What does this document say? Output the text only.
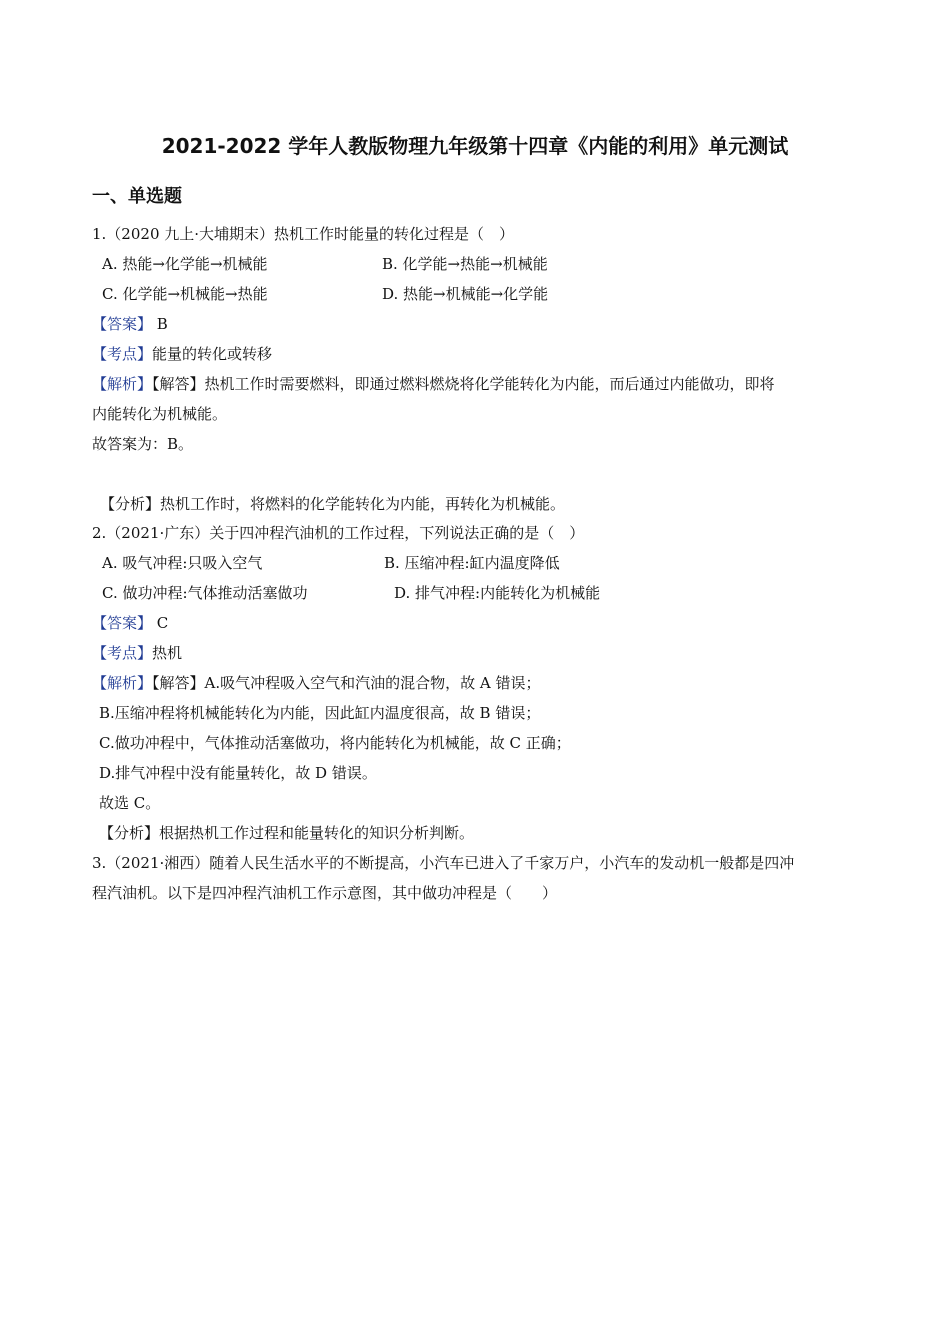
2021-2022 学年人教版物理九年级第十四章《内能的利用》单元测试
一、单选题
1.（2020 九上·大埔期末）热机工作时能量的转化过程是（　）
A. 热能→化学能→机械能	B. 化学能→热能→机械能
C. 化学能→机械能→热能	D. 热能→机械能→化学能
【答案】 B
【考点】能量的转化或转移
【解析】【解答】热机工作时需要燃料，即通过燃料燃烧将化学能转化为内能，而后通过内能做功，即将
内能转化为机械能。
故答案为：B。
【分析】热机工作时，将燃料的化学能转化为内能，再转化为机械能。
2.（2021·广东）关于四冲程汽油机的工作过程，下列说法正确的是（　）
A. 吸气冲程:只吸入空气	B. 压缩冲程:缸内温度降低
C. 做功冲程:气体推动活塞做功	D. 排气冲程:内能转化为机械能
【答案】 C
【考点】热机
【解析】【解答】A.吸气冲程吸入空气和汽油的混合物，故 A 错误；
B.压缩冲程将机械能转化为内能，因此缸内温度很高，故 B 错误；
C.做功冲程中，气体推动活塞做功，将内能转化为机械能，故 C 正确；
D.排气冲程中没有能量转化，故 D 错误。
故选 C。
【分析】根据热机工作过程和能量转化的知识分析判断。
3.（2021·湘西）随着人民生活水平的不断提高，小汽车已进入了千家万户，小汽车的发动机一般都是四冲
程汽油机。以下是四冲程汽油机工作示意图，其中做功冲程是（　　）
